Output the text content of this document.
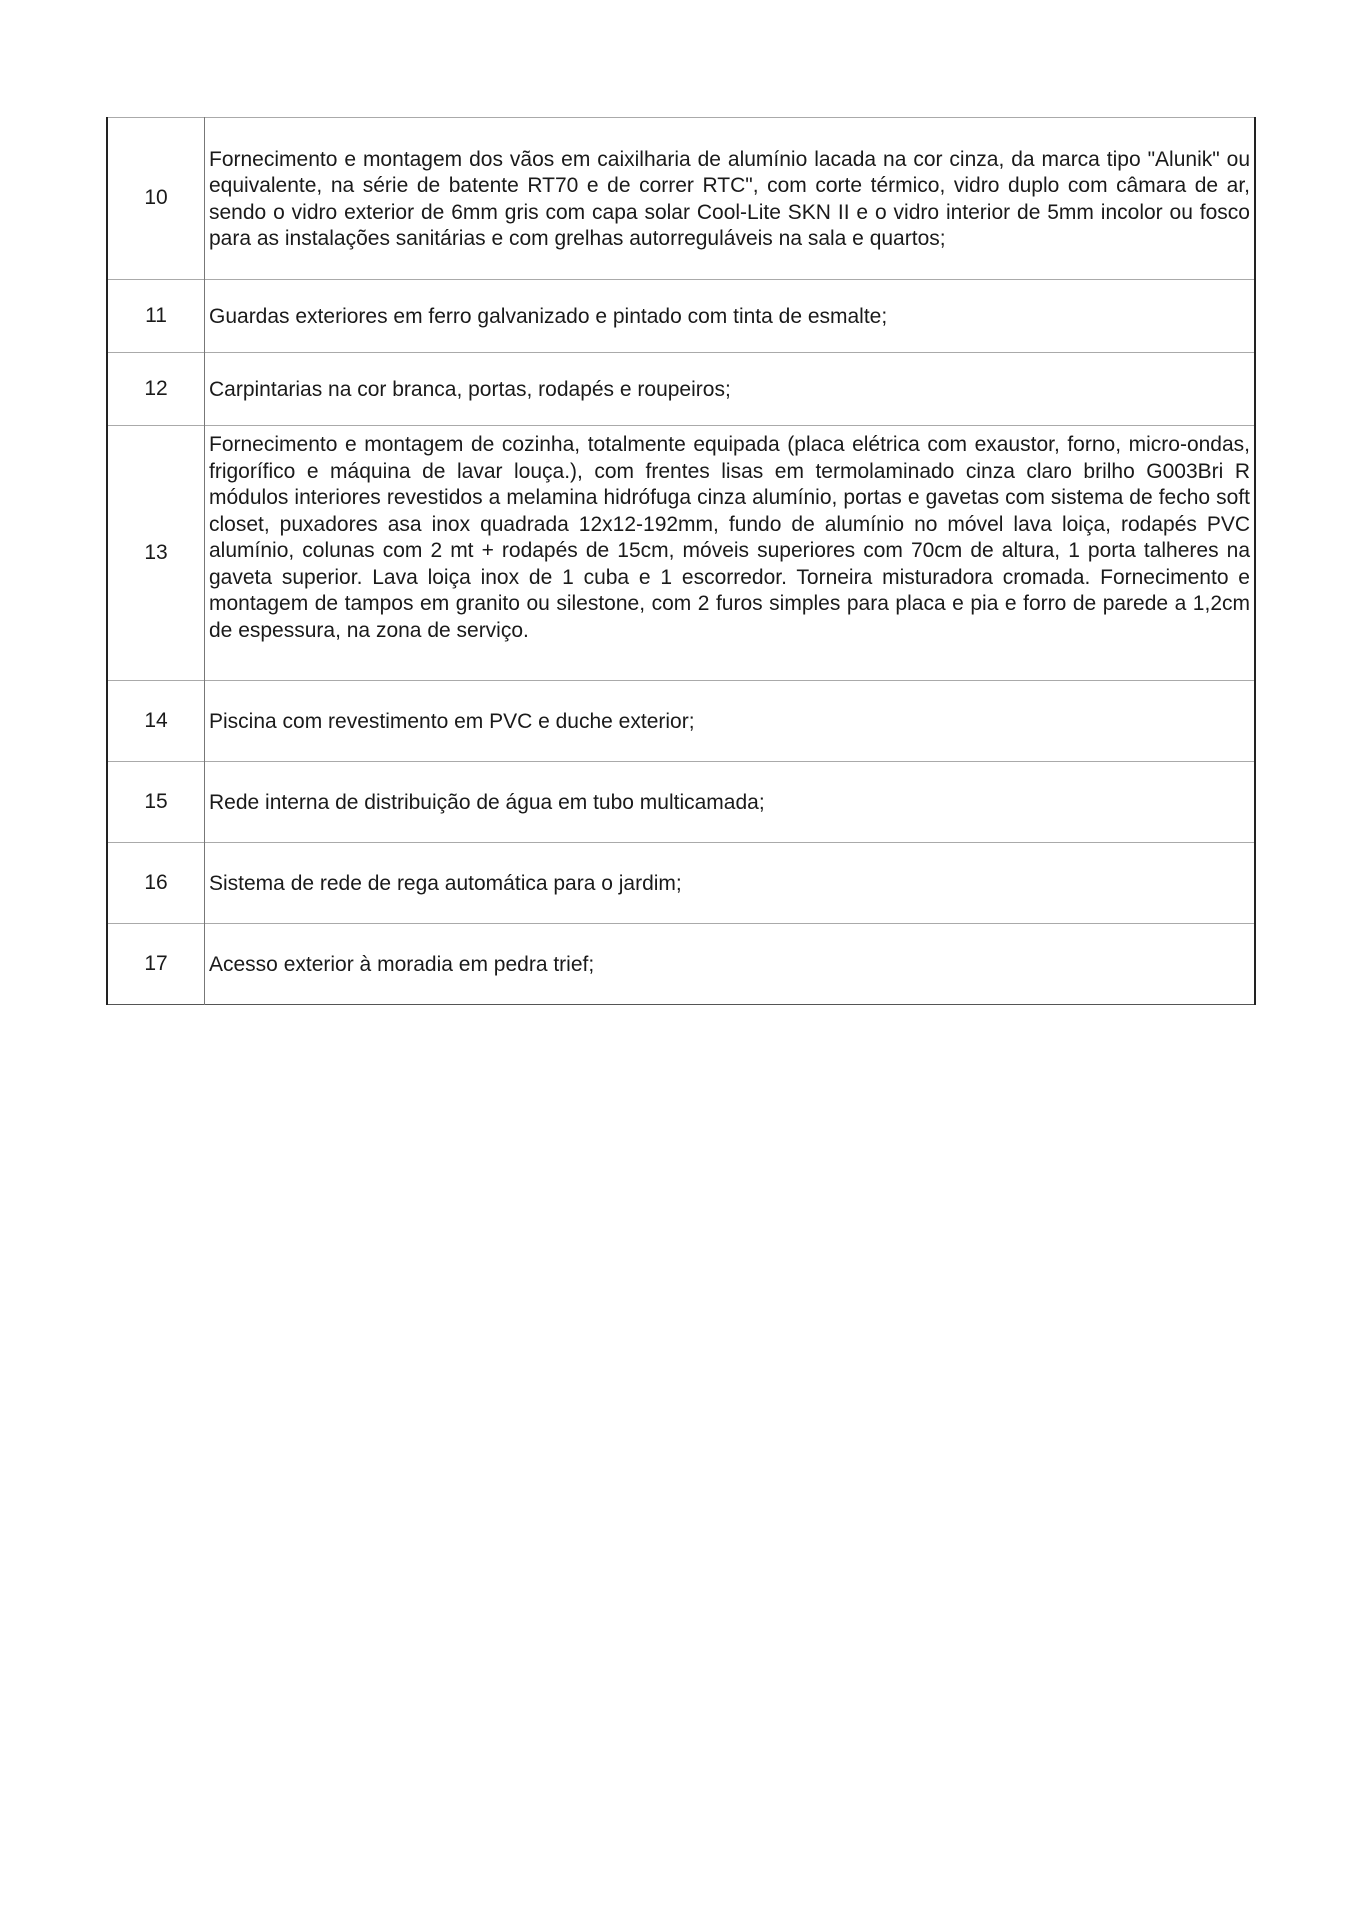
10	Fornecimento e montagem dos vãos em caixilharia de alumínio lacada na cor cinza, da marca tipo "Alunik" ou equivalente, na série de batente RT70 e de correr RTC", com corte térmico, vidro duplo com câmara de ar, sendo o vidro exterior de 6mm gris com capa solar Cool-Lite SKN II e o vidro interior de 5mm incolor ou fosco para as instalações sanitárias e com grelhas autorreguláveis na sala e quartos;
11	Guardas exteriores em ferro galvanizado e pintado com tinta de esmalte;
12	Carpintarias na cor branca, portas, rodapés e roupeiros;
13	Fornecimento e montagem de cozinha, totalmente equipada (placa elétrica com exaustor, forno, micro-ondas, frigorífico e máquina de lavar louça.), com frentes lisas em termolaminado cinza claro brilho G003Bri R módulos interiores revestidos a melamina hidrófuga cinza alumínio, portas e gavetas com sistema de fecho soft closet, puxadores asa inox quadrada 12x12-192mm, fundo de alumínio no móvel lava loiça, rodapés PVC alumínio, colunas com 2 mt + rodapés de 15cm, móveis superiores com 70cm de altura, 1 porta talheres na gaveta superior. Lava loiça inox de 1 cuba e 1 escorredor. Torneira misturadora cromada. Fornecimento e montagem de tampos em granito ou silestone, com 2 furos simples para placa e pia e forro de parede a 1,2cm de espessura, na zona de serviço.
14	Piscina com revestimento em PVC e duche exterior;
15	Rede interna de distribuição de água em tubo multicamada;
16	Sistema de rede de rega automática para o jardim;
17	Acesso exterior à moradia em pedra trief;
